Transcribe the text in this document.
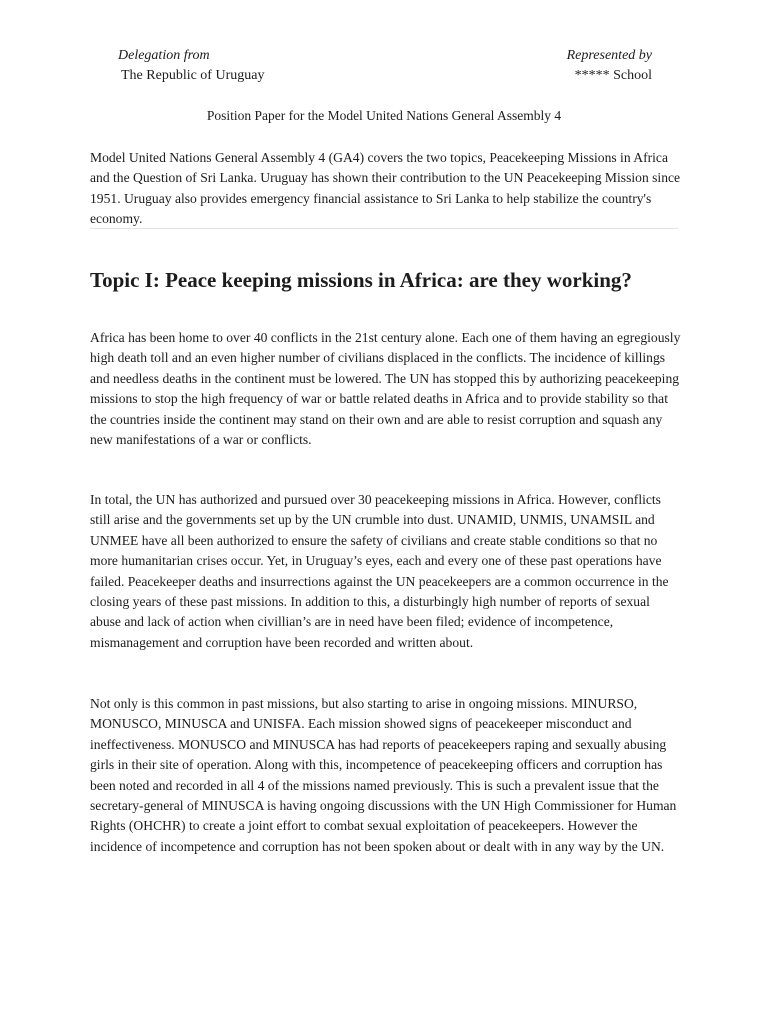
Delegation from
The Republic of Uruguay
Represented by
***** School
Position Paper for the Model United Nations General Assembly 4

Model United Nations General Assembly 4 (GA4) covers the two topics, Peacekeeping Missions in Africa and the Question of Sri Lanka. Uruguay has shown their contribution to the UN Peacekeeping Mission since 1951. Uruguay also provides emergency financial assistance to Sri Lanka to help stabilize the country's economy.

Topic I: Peace keeping missions in Africa: are they working?

Africa has been home to over 40 conflicts in the 21st century alone. Each one of them having an egregiously high death toll and an even higher number of civilians displaced in the conflicts. The incidence of killings and needless deaths in the continent must be lowered. The UN has stopped this by authorizing peacekeeping missions to stop the high frequency of war or battle related deaths in Africa and to provide stability so that the countries inside the continent may stand on their own and are able to resist corruption and squash any new manifestations of a war or conflicts.

In total, the UN has authorized and pursued over 30 peacekeeping missions in Africa. However, conflicts still arise and the governments set up by the UN crumble into dust. UNAMID, UNMIS, UNAMSIL and UNMEE have all been authorized to ensure the safety of civilians and create stable conditions so that no more humanitarian crises occur. Yet, in Uruguay’s eyes, each and every one of these past operations have failed. Peacekeeper deaths and insurrections against the UN peacekeepers are a common occurrence in the closing years of these past missions. In addition to this, a disturbingly high number of reports of sexual abuse and lack of action when civillian’s are in need have been filed; evidence of incompetence, mismanagement and corruption have been recorded and written about.

Not only is this common in past missions, but also starting to arise in ongoing missions. MINURSO, MONUSCO, MINUSCA and UNISFA. Each mission showed signs of peacekeeper misconduct and ineffectiveness. MONUSCO and MINUSCA has had reports of peacekeepers raping and sexually abusing girls in their site of operation. Along with this, incompetence of peacekeeping officers and corruption has been noted and recorded in all 4 of the missions named previously. This is such a prevalent issue that the secretary-general of MINUSCA is having ongoing discussions with the UN High Commissioner for Human Rights (OHCHR) to create a joint effort to combat sexual exploitation of peacekeepers. However the incidence of incompetence and corruption has not been spoken about or dealt with in any way by the UN.
